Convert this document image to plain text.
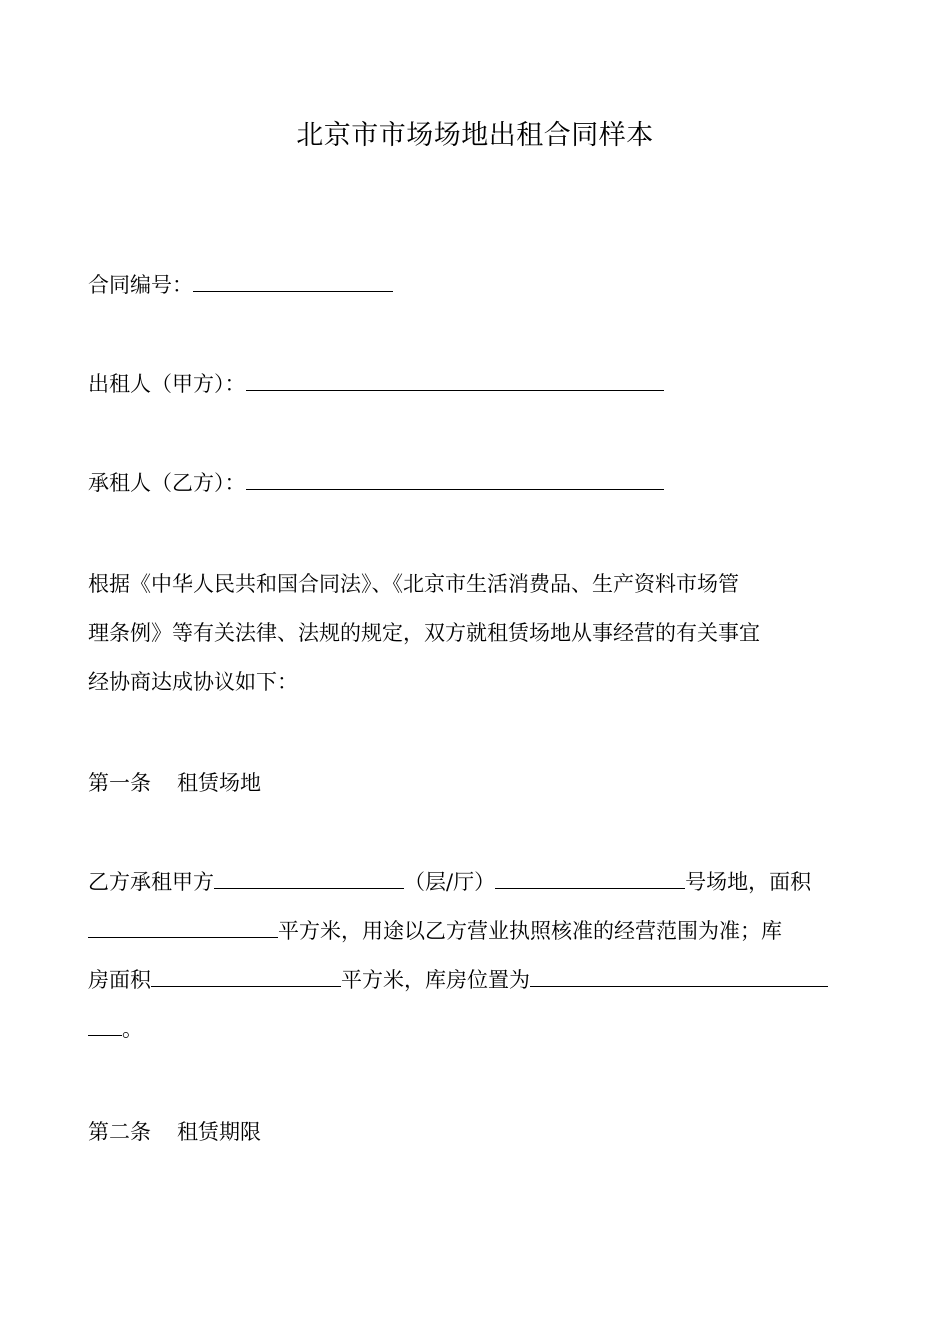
北京市市场场地出租合同样本
合同编号：
出租人（甲方）：
承租人（乙方）：

根据《中华人民共和国合同法》、《北京市生活消费品、生产资料市场管

理条例》等有关法律、法规的规定，双方就租赁场地从事经营的有关事宜

经协商达成协议如下：

第一条 租赁场地

乙方承租甲方	（层/厅）	号场地，面积

平方米，用途以乙方营业执照核准的经营范围为准；库

房面积	平方米，库房位置为

。

第二条 租赁期限
